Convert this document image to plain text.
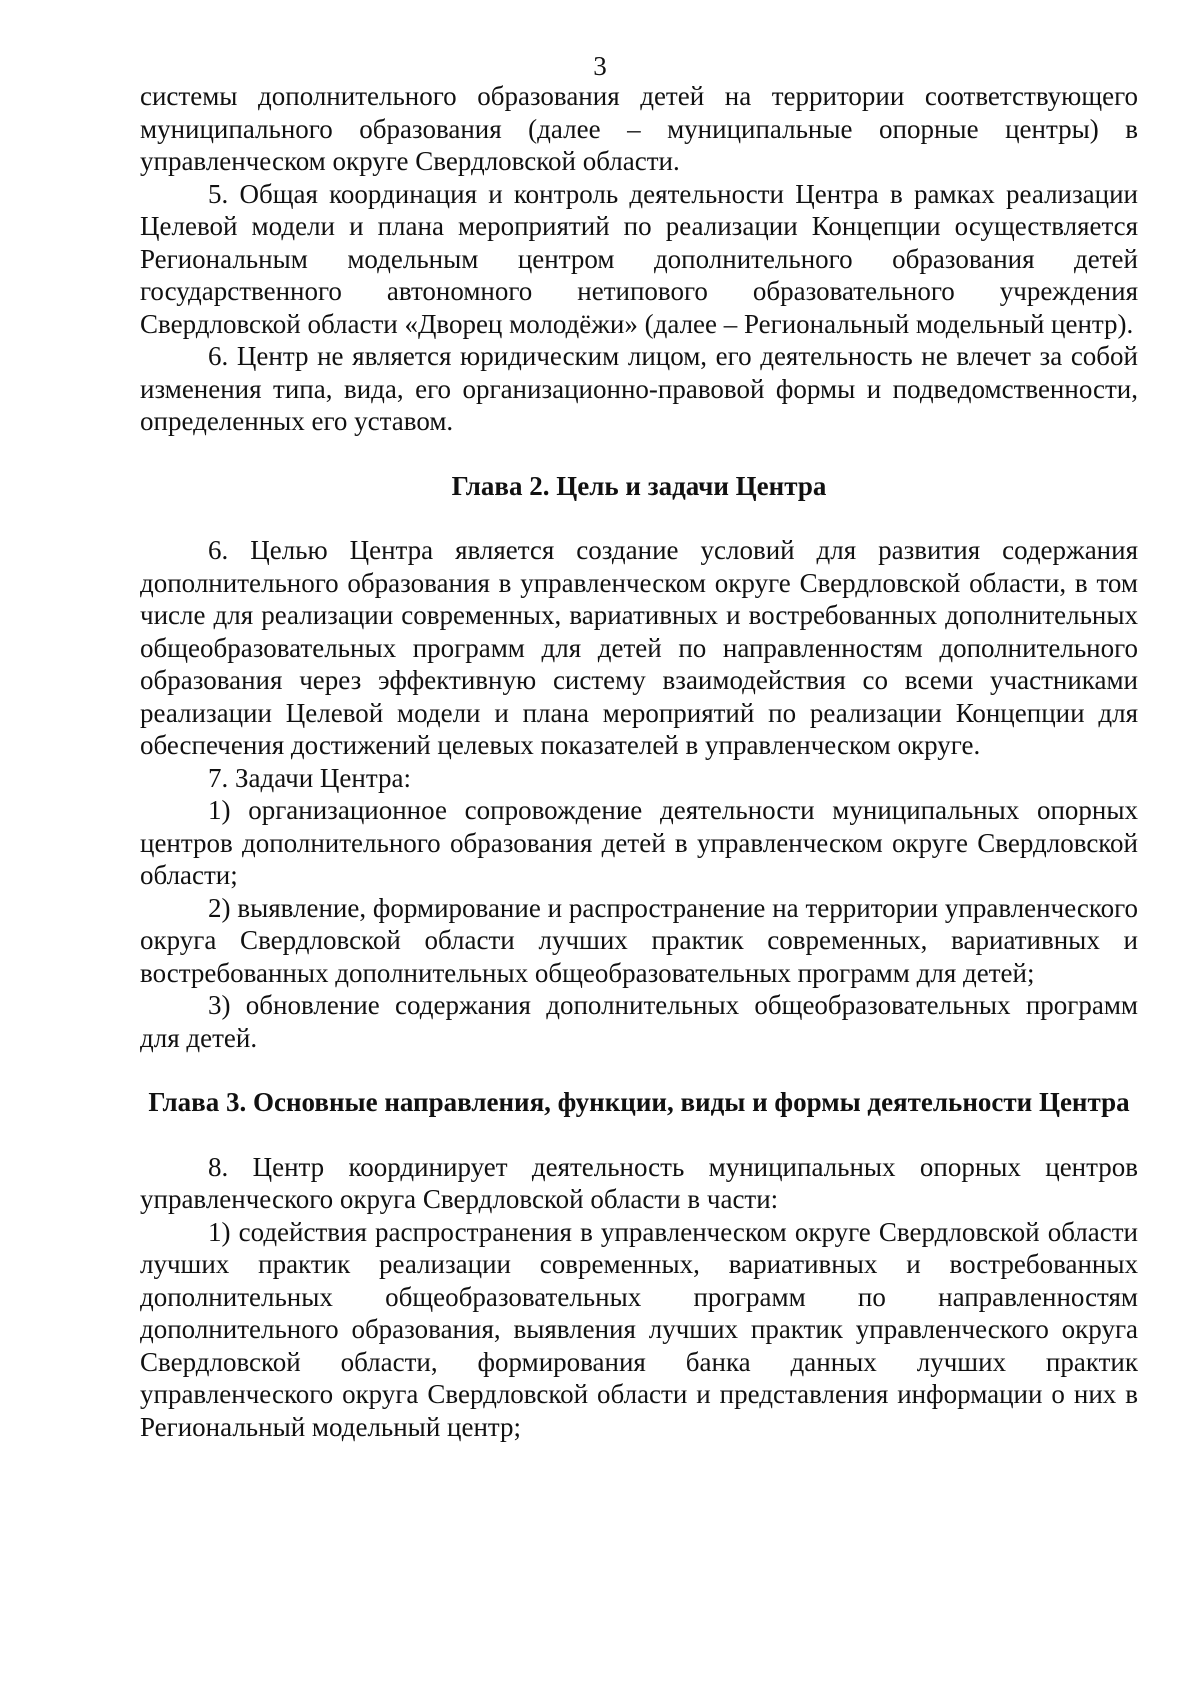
3

системы дополнительного образования детей на территории соответствующего муниципального образования (далее – муниципальные опорные центры) в управленческом округе Свердловской области.

5. Общая координация и контроль деятельности Центра в рамках реализации Целевой модели и плана мероприятий по реализации Концепции осуществляется Региональным модельным центром дополнительного образования детей государственного автономного нетипового образовательного учреждения Свердловской области «Дворец молодёжи» (далее – Региональный модельный центр).

6. Центр не является юридическим лицом, его деятельность не влечет за собой изменения типа, вида, его организационно-правовой формы и подведомственности, определенных его уставом.

Глава 2. Цель и задачи Центра

6. Целью Центра является создание условий для развития содержания дополнительного образования в управленческом округе Свердловской области, в том числе для реализации современных, вариативных и востребованных дополнительных общеобразовательных программ для детей по направленностям дополнительного образования через эффективную систему взаимодействия со всеми участниками реализации Целевой модели и плана мероприятий по реализации Концепции для обеспечения достижений целевых показателей в управленческом округе.

7. Задачи Центра:

1) организационное сопровождение деятельности муниципальных опорных центров дополнительного образования детей в управленческом округе Свердловской области;

2) выявление, формирование и распространение на территории управленческого округа Свердловской области лучших практик современных, вариативных и востребованных дополнительных общеобразовательных программ для детей;

3) обновление содержания дополнительных общеобразовательных программ для детей.

Глава 3. Основные направления, функции, виды и формы деятельности Центра

8. Центр координирует деятельность муниципальных опорных центров управленческого округа Свердловской области в части:

1) содействия распространения в управленческом округе Свердловской области лучших практик реализации современных, вариативных и востребованных дополнительных общеобразовательных программ по направленностям дополнительного образования, выявления лучших практик управленческого округа Свердловской области, формирования банка данных лучших практик управленческого округа Свердловской области и представления информации о них в Региональный модельный центр;
